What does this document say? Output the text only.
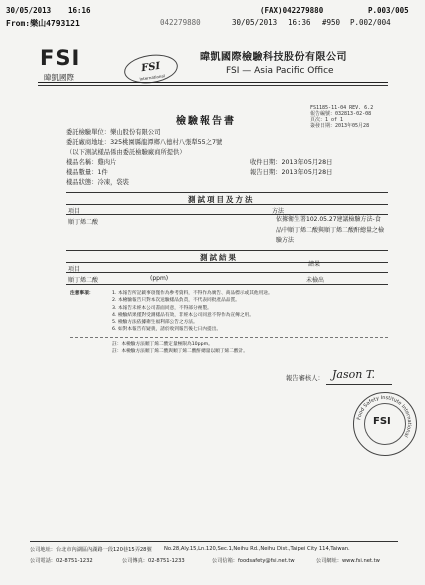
30/05/2013 16:16	(FAX)042279880	P.003/005
From:樂山4793121	042279880	30/05/2013 16:36 #950 P.002/004
FSI
暐凱國際
FSI
International
暐凱國際檢驗科技股份有限公司
FSI — Asia Pacific Office
檢驗報告書
FS1185-11-04 REV. 6.2
報告編號：032813-02-08
頁次：1 of 1
簽發日期：2013年05月28
委託檢驗單位：樂山股份有限公司
委託廠商地址：325桃園縣龍潭鄉八德村八張犁55之7號
（以下測試樣品係由委託檢驗廠商所提供）
樣品名稱：雞肉片
樣品數量：1件
樣品狀態：冷凍，袋裝
收件日期：2013年05月28日
報告日期：2013年05月28日
測試項目及方法
項目	方法
順丁烯二酸	依據衛生署102.05.27建議檢驗方法-食品中順丁烯二酸與順丁烯二酸酐總量之檢驗方法
測試結果
項目
結果
順丁烯二酸	(ppm)	未檢出
注意事項：	1. 本報告所記載事項僅作為參考資料，不得作為廣告、商品標示或其他用途。
2. 本檢驗報告只對本次送驗樣品負責，不代表同批產品品質。
3. 本報告未經本公司書面同意，不得部分複製。
4. 檢驗結果僅對受測樣品有效，非經本公司同意不得作為宣傳之用。
5. 檢驗方法依據衛生福利部公告之方法。
6. 如對本報告有疑義，請於收到報告後七日內提出。
註：本檢驗方法順丁烯二酸定量極限為10ppm。
註：本檢驗方法順丁烯二酸與順丁烯二酸酐總量以順丁烯二酸計。
報告審核人： Jason T.
Food Safety Institute International
FSI
公司地址：台北市內湖區內湖路一段120巷15弄28號 No.28,Aly.15,Ln.120,Sec.1,Neihu Rd.,Neihu Dist.,Taipei City 114,Taiwan.
公司電話：02-8751-1232	公司傳真：02-8751-1233	公司信箱：foodsafety@fsi.net.tw	公司網址：www.fsi.net.tw
